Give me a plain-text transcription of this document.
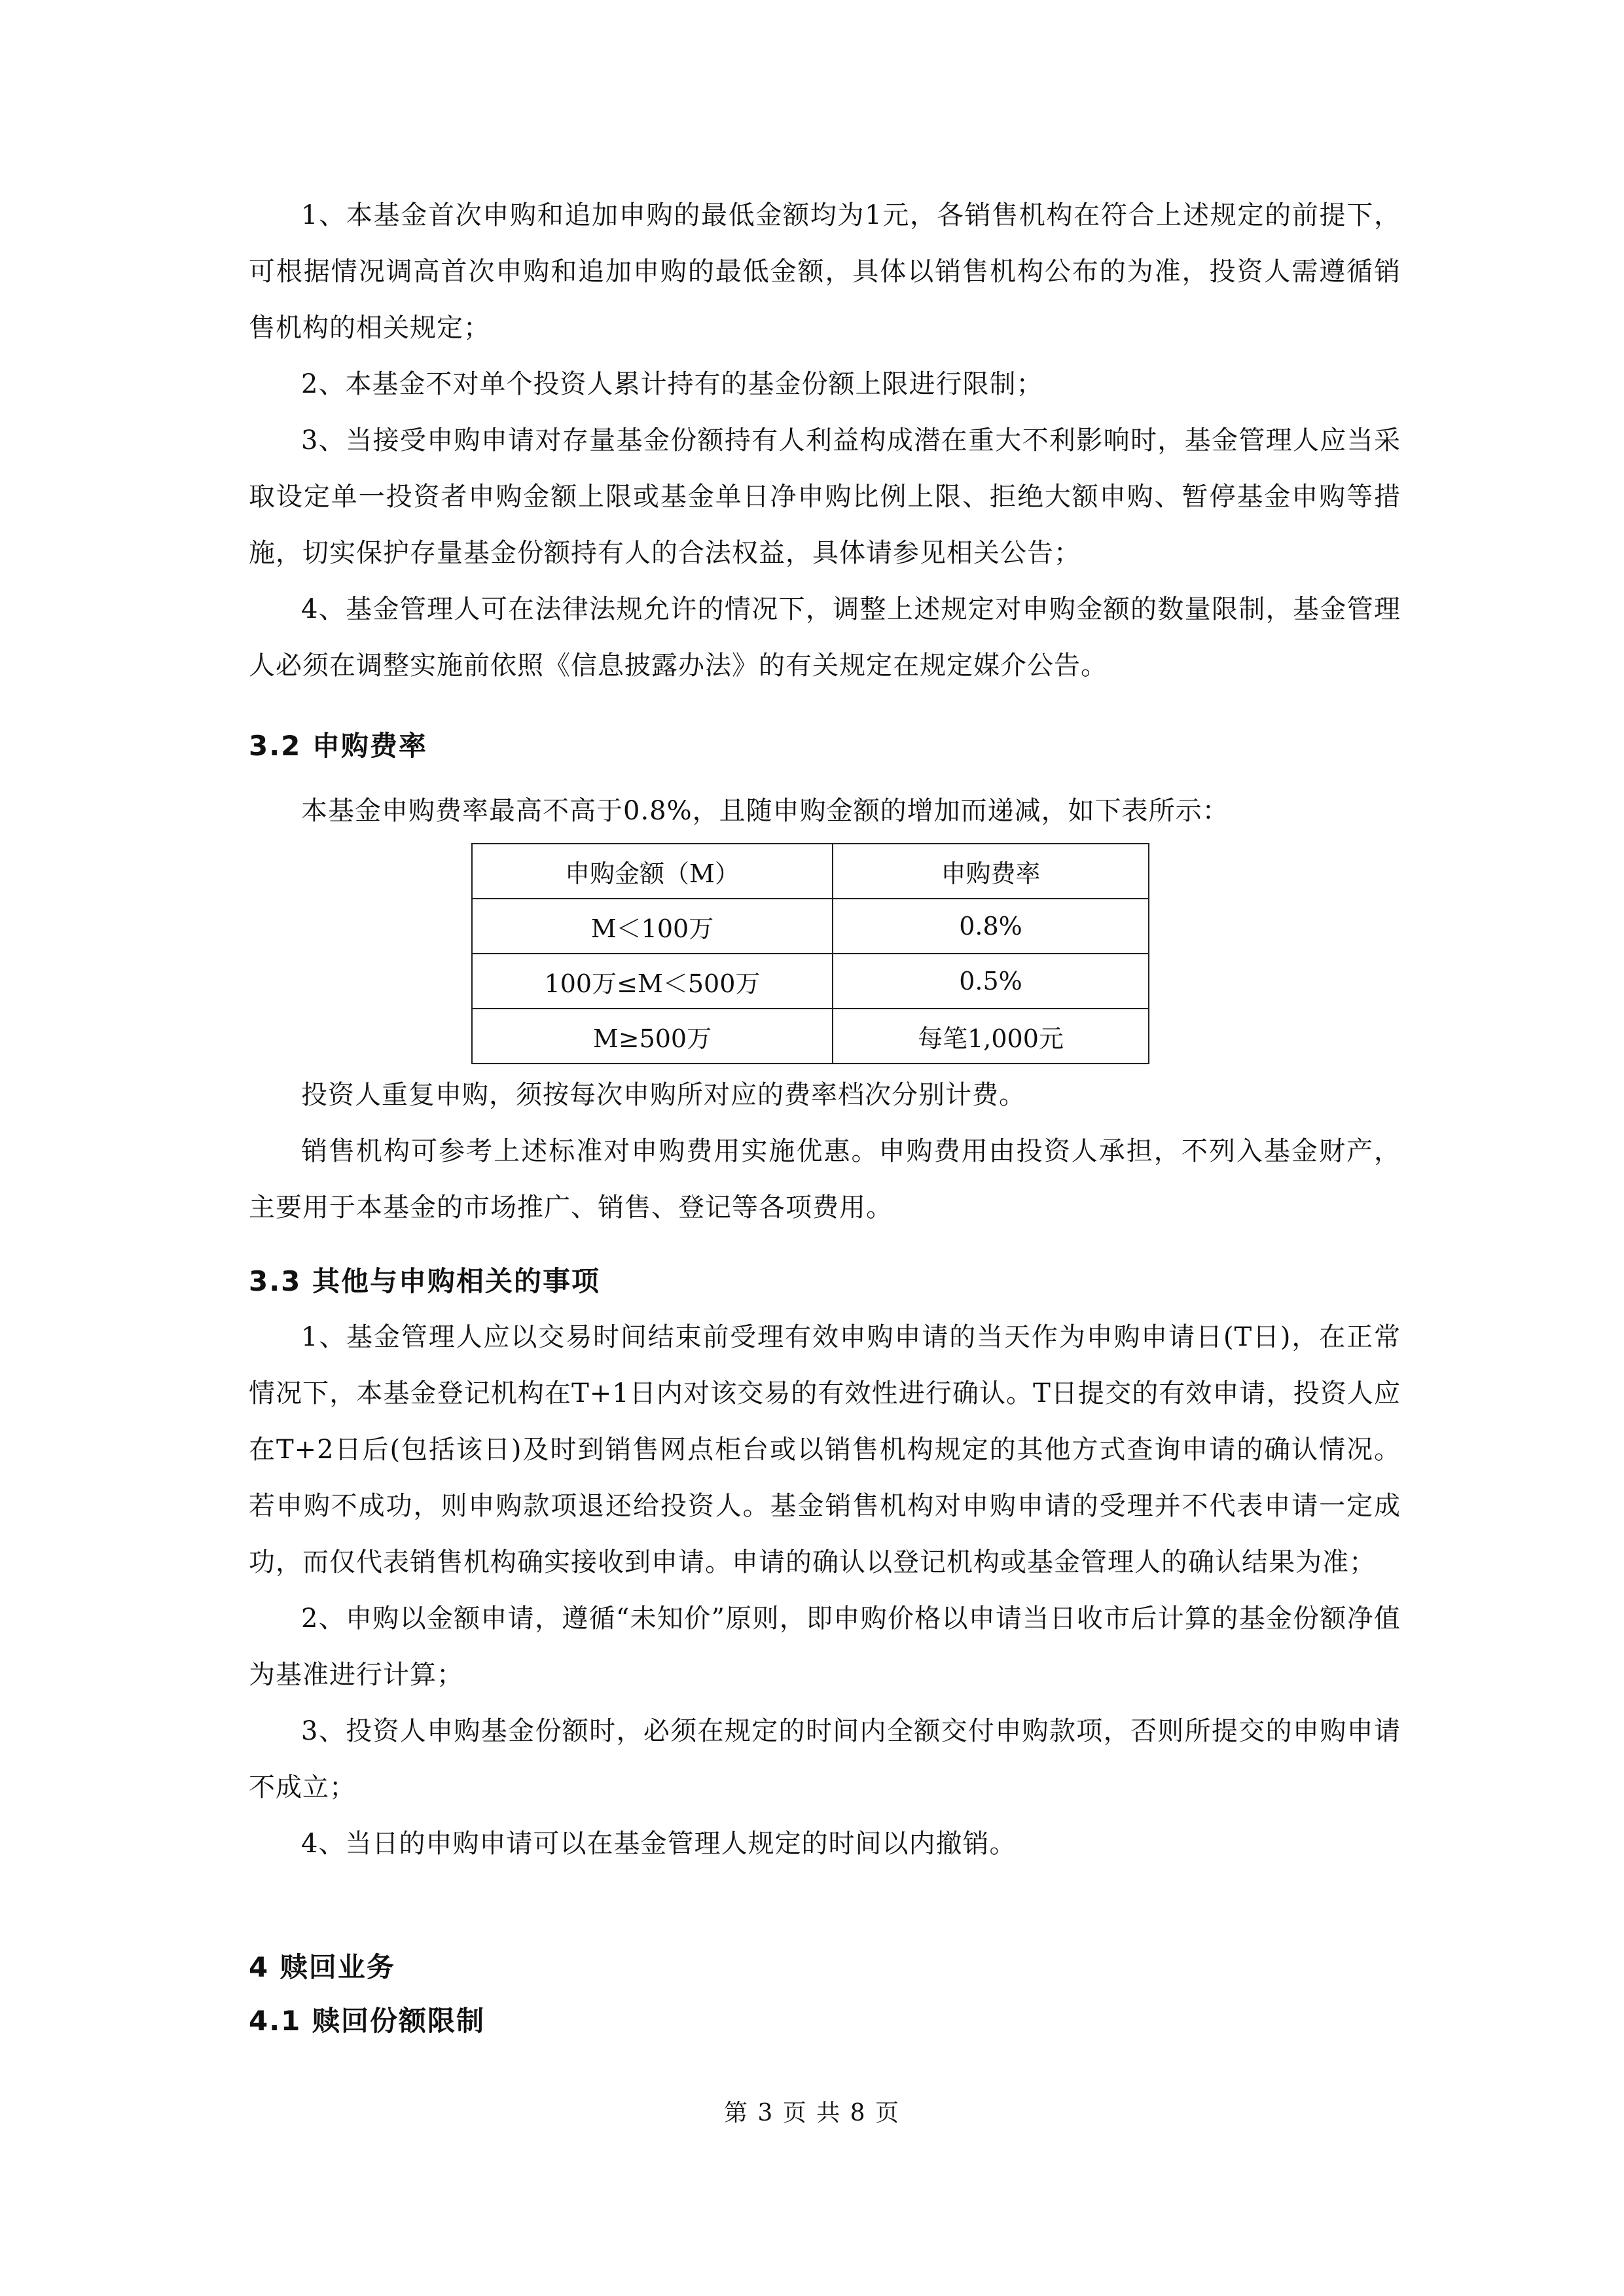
1、本基金首次申购和追加申购的最低金额均为1元，各销售机构在符合上述规定的前提下，可根据情况调高首次申购和追加申购的最低金额，具体以销售机构公布的为准，投资人需遵循销售机构的相关规定；

2、本基金不对单个投资人累计持有的基金份额上限进行限制；

3、当接受申购申请对存量基金份额持有人利益构成潜在重大不利影响时，基金管理人应当采取设定单一投资者申购金额上限或基金单日净申购比例上限、拒绝大额申购、暂停基金申购等措施，切实保护存量基金份额持有人的合法权益，具体请参见相关公告；

4、基金管理人可在法律法规允许的情况下，调整上述规定对申购金额的数量限制，基金管理人必须在调整实施前依照《信息披露办法》的有关规定在规定媒介公告。

3.2 申购费率

本基金申购费率最高不高于0.8%，且随申购金额的增加而递减，如下表所示：

申购金额（M）	申购费率
M＜100万	0.8%
100万≤M＜500万	0.5%
M≥500万	每笔1,000元

投资人重复申购，须按每次申购所对应的费率档次分别计费。

销售机构可参考上述标准对申购费用实施优惠。申购费用由投资人承担，不列入基金财产，主要用于本基金的市场推广、销售、登记等各项费用。

3.3 其他与申购相关的事项

1、基金管理人应以交易时间结束前受理有效申购申请的当天作为申购申请日(T日)，在正常情况下，本基金登记机构在T+1日内对该交易的有效性进行确认。T日提交的有效申请，投资人应在T+2日后(包括该日)及时到销售网点柜台或以销售机构规定的其他方式查询申请的确认情况。若申购不成功，则申购款项退还给投资人。基金销售机构对申购申请的受理并不代表申请一定成功，而仅代表销售机构确实接收到申请。申请的确认以登记机构或基金管理人的确认结果为准；

2、申购以金额申请，遵循“未知价”原则，即申购价格以申请当日收市后计算的基金份额净值为基准进行计算；

3、投资人申购基金份额时，必须在规定的时间内全额交付申购款项，否则所提交的申购申请不成立；

4、当日的申购申请可以在基金管理人规定的时间以内撤销。

4 赎回业务
4.1 赎回份额限制
第 3 页 共 8 页
